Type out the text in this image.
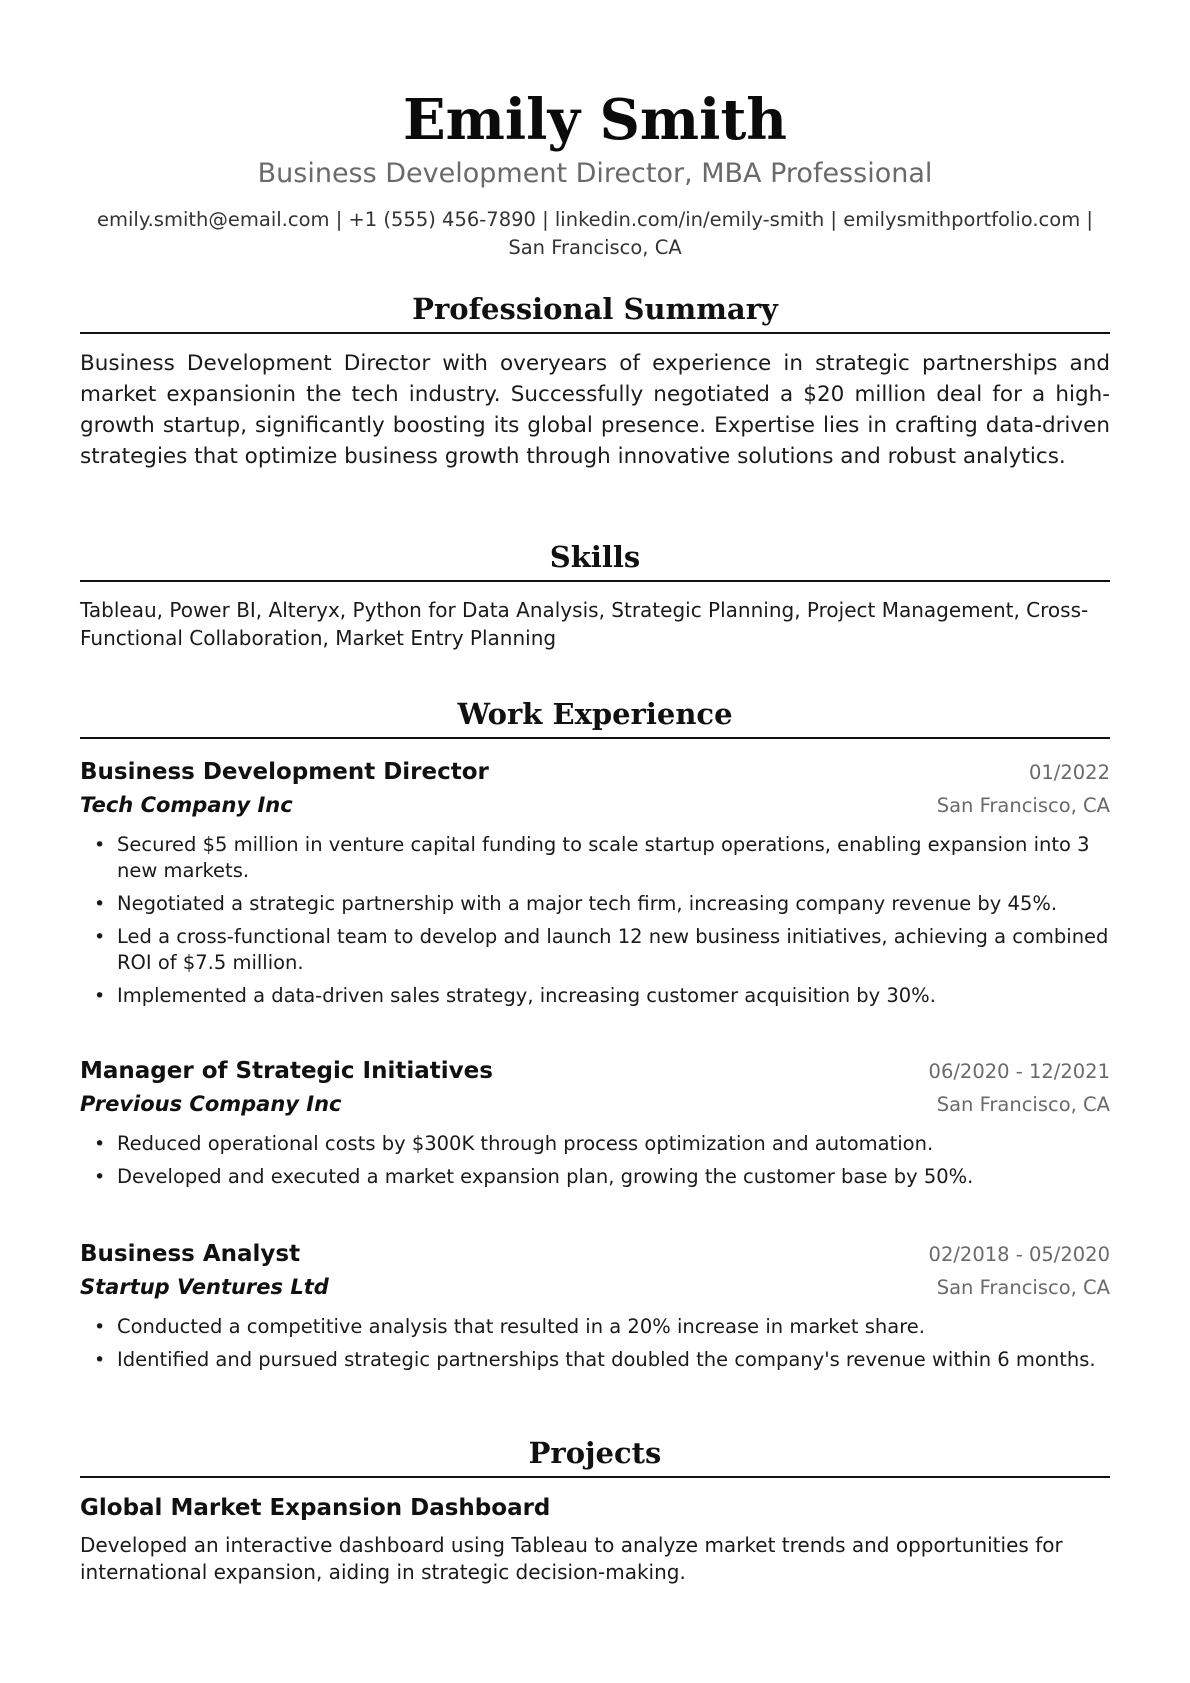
Emily Smith
Business Development Director, MBA Professional
emily.smith@email.com | +1 (555) 456-7890 | linkedin.com/in/emily-smith | emilysmithportfolio.com | San Francisco, CA
Professional Summary
Business Development Director with overyears of experience in strategic partnerships and market expansionin the tech industry. Successfully negotiated a $20 million deal for a high-growth startup, significantly boosting its global presence. Expertise lies in crafting data-driven strategies that optimize business growth through innovative solutions and robust analytics.
Skills
Tableau, Power BI, Alteryx, Python for Data Analysis, Strategic Planning, Project Management, Cross-Functional Collaboration, Market Entry Planning
Work Experience
Business Development Director	01/2022
Tech Company Inc	San Francisco, CA
• Secured $5 million in venture capital funding to scale startup operations, enabling expansion into 3 new markets.
• Negotiated a strategic partnership with a major tech firm, increasing company revenue by 45%.
• Led a cross-functional team to develop and launch 12 new business initiatives, achieving a combined ROI of $7.5 million.
• Implemented a data-driven sales strategy, increasing customer acquisition by 30%.
Manager of Strategic Initiatives	06/2020 - 12/2021
Previous Company Inc	San Francisco, CA
• Reduced operational costs by $300K through process optimization and automation.
• Developed and executed a market expansion plan, growing the customer base by 50%.
Business Analyst	02/2018 - 05/2020
Startup Ventures Ltd	San Francisco, CA
• Conducted a competitive analysis that resulted in a 20% increase in market share.
• Identified and pursued strategic partnerships that doubled the company's revenue within 6 months.
Projects
Global Market Expansion Dashboard
Developed an interactive dashboard using Tableau to analyze market trends and opportunities for international expansion, aiding in strategic decision-making.
